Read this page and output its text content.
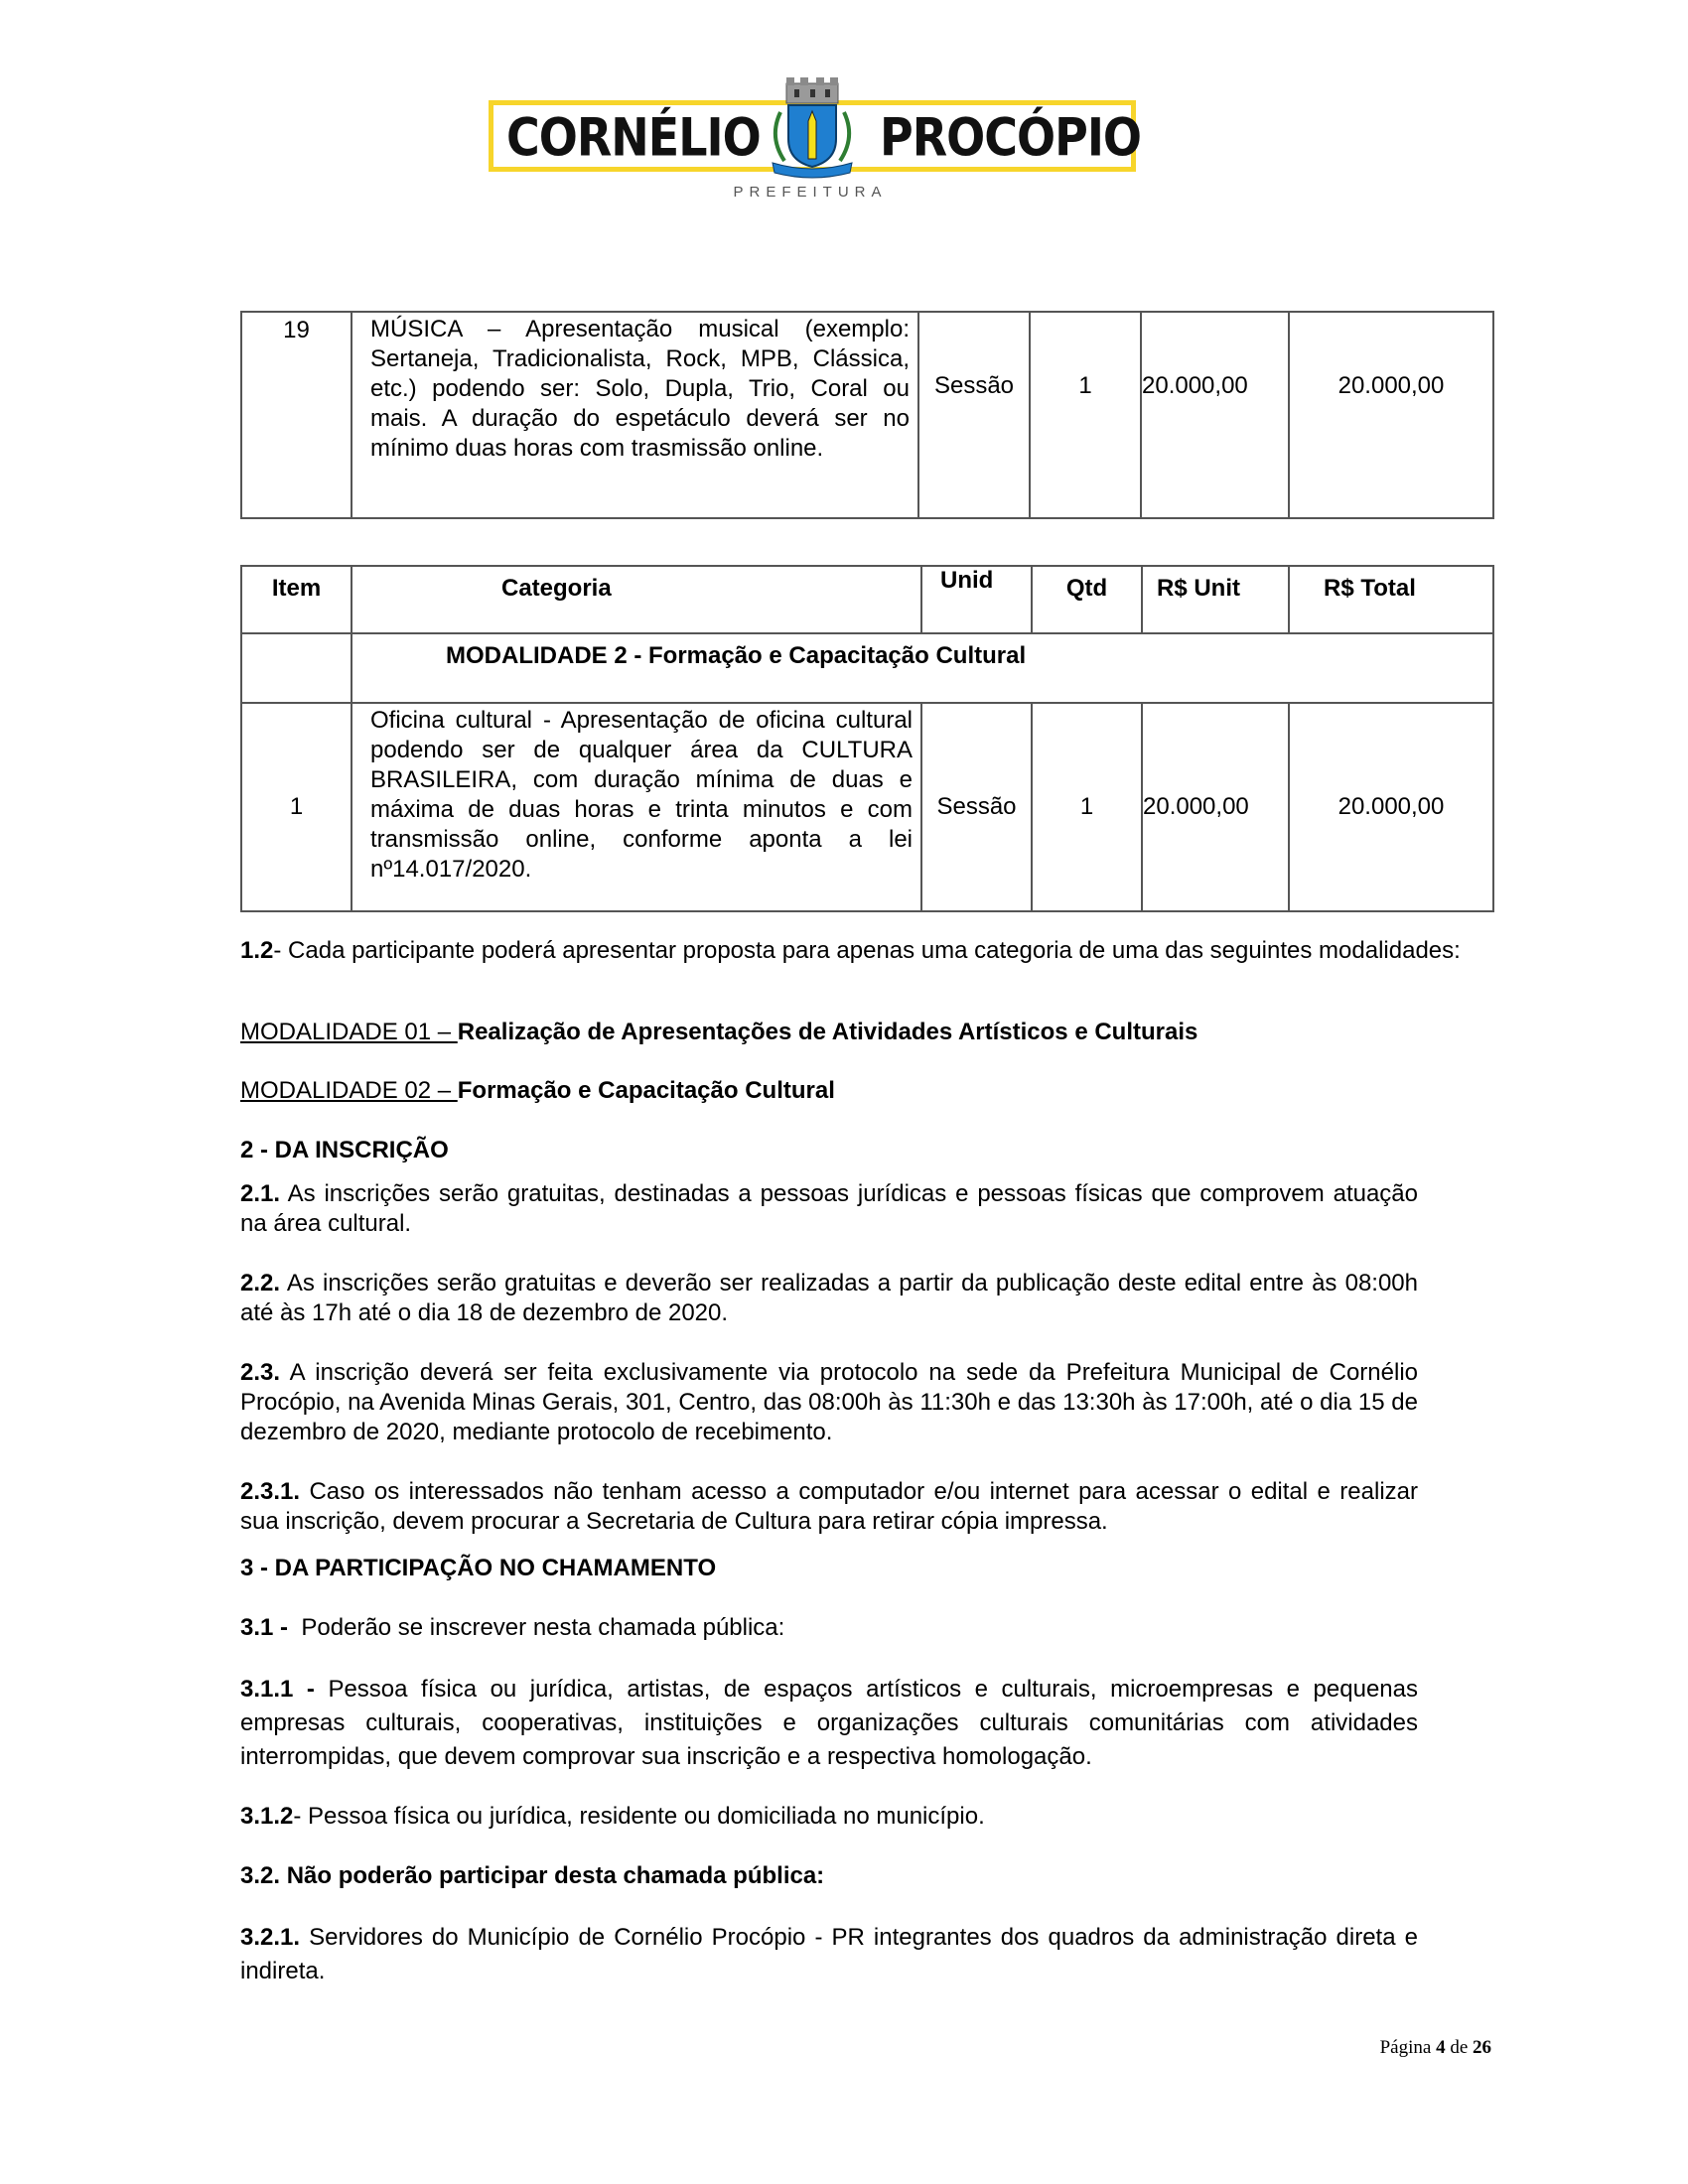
CORNÉLIO	PROCÓPIO
PREFEITURA
19	MÚSICA – Apresentação musical (exemplo: Sertaneja, Tradicionalista, Rock, MPB, Clássica, etc.) podendo ser: Solo, Dupla, Trio, Coral ou mais. A duração do espetáculo deverá ser no mínimo duas horas com trasmissão online.	Sessão	1	20.000,00	20.000,00
Item	Categoria	Unid	Qtd	R$ Unit	R$ Total
	MODALIDADE 2 - Formação e Capacitação Cultural				
1	Oficina cultural - Apresentação de oficina cultural podendo ser de qualquer área da CULTURA BRASILEIRA, com duração mínima de duas e máxima de duas horas e trinta minutos e com transmissão online, conforme aponta a lei nº14.017/2020.	Sessão	1	20.000,00	20.000,00
1.2- Cada participante poderá apresentar proposta para apenas uma categoria de uma das seguintes modalidades:
MODALIDADE 01 – Realização de Apresentações de Atividades Artísticos e Culturais
MODALIDADE 02 – Formação e Capacitação Cultural
2 - DA INSCRIÇÃO
2.1. As inscrições serão gratuitas, destinadas a pessoas jurídicas e pessoas físicas que comprovem atuação na área cultural.
2.2. As inscrições serão gratuitas e deverão ser realizadas a partir da publicação deste edital entre às 08:00h até às 17h até o dia 18 de dezembro de 2020.
2.3. A inscrição deverá ser feita exclusivamente via protocolo na sede da Prefeitura Municipal de Cornélio Procópio, na Avenida Minas Gerais, 301, Centro, das 08:00h às 11:30h e das 13:30h às 17:00h, até o dia 15 de dezembro de 2020, mediante protocolo de recebimento.
2.3.1. Caso os interessados não tenham acesso a computador e/ou internet para acessar o edital e realizar sua inscrição, devem procurar a Secretaria de Cultura para retirar cópia impressa.
3 - DA PARTICIPAÇÃO NO CHAMAMENTO
3.1 -  Poderão se inscrever nesta chamada pública:
3.1.1 - Pessoa física ou jurídica, artistas, de espaços artísticos e culturais, microempresas e pequenas empresas culturais, cooperativas, instituições e organizações culturais comunitárias com atividades interrompidas, que devem comprovar sua inscrição e a respectiva homologação.
3.1.2- Pessoa física ou jurídica, residente ou domiciliada no município.
3.2. Não poderão participar desta chamada pública:
3.2.1. Servidores do Município de Cornélio Procópio - PR integrantes dos quadros da administração direta e indireta.
Página 4 de 26
